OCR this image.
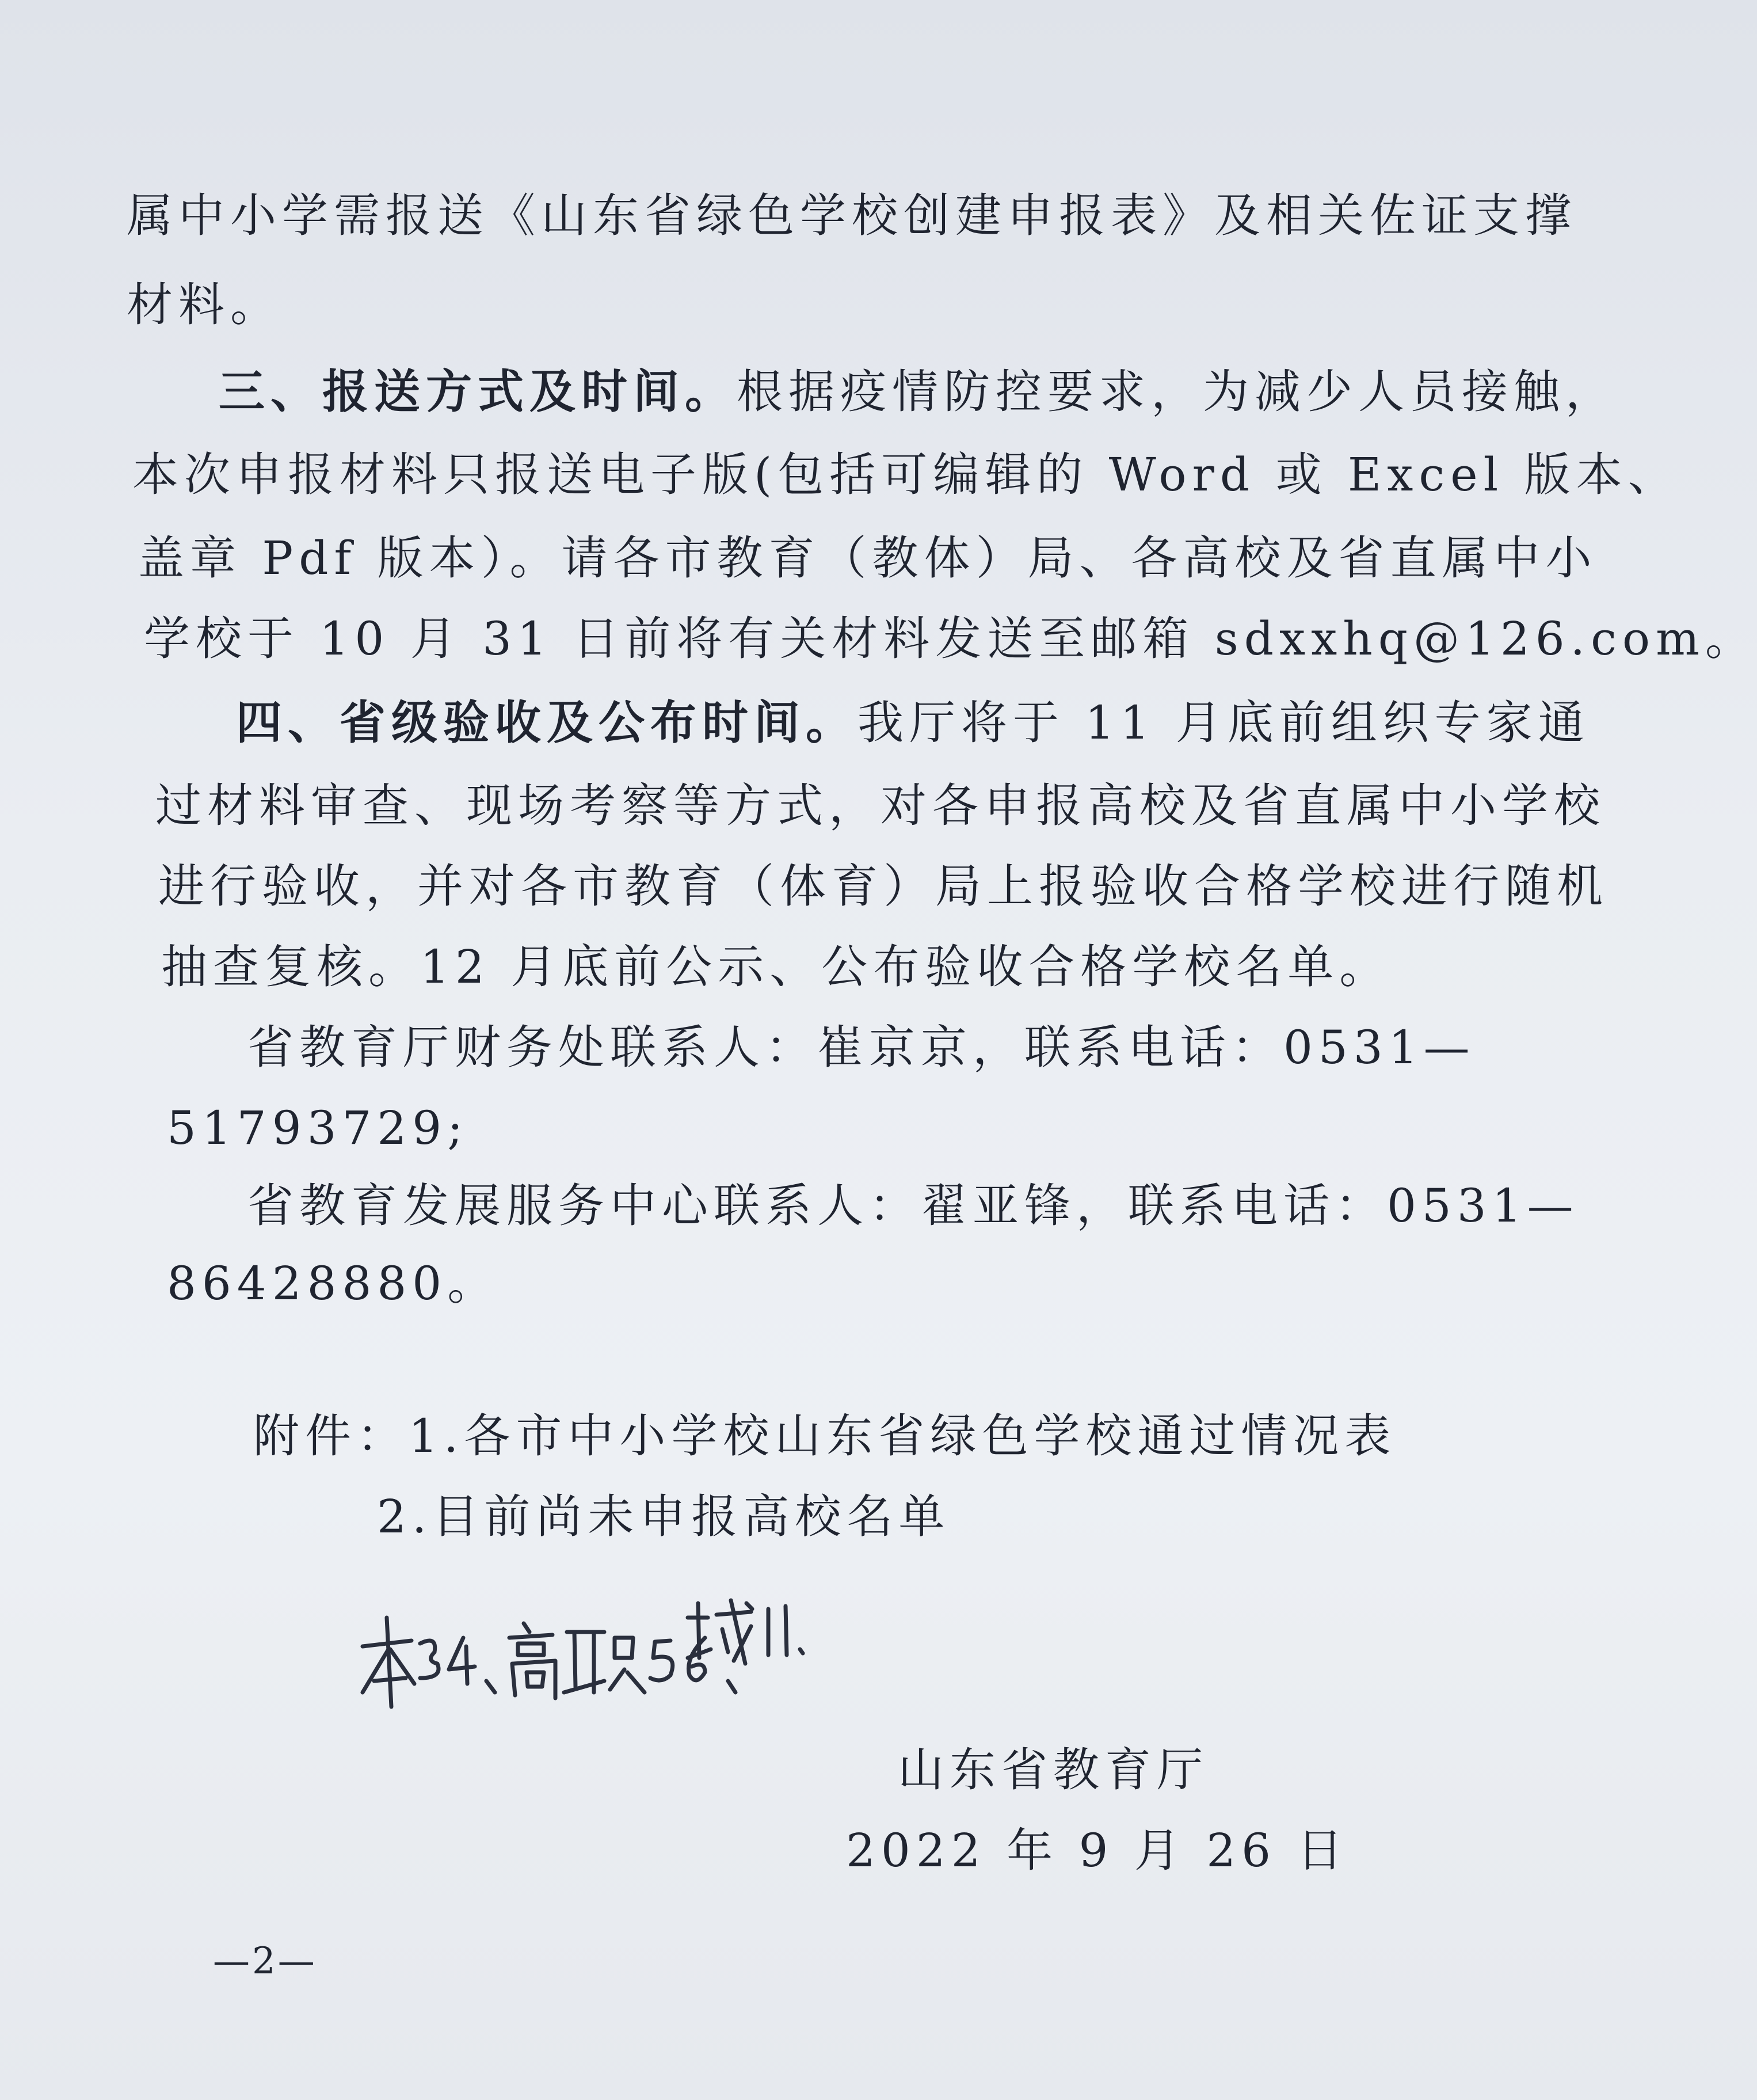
属中小学需报送《山东省绿色学校创建申报表》及相关佐证支撑
材料。
三、报送方式及时间。根据疫情防控要求，为减少人员接触，
本次申报材料只报送电子版(包括可编辑的 Word 或 Excel 版本、
盖章 Pdf 版本）。请各市教育（教体）局、各高校及省直属中小
学校于 10 月 31 日前将有关材料发送至邮箱 sdxxhq@126.com。
四、省级验收及公布时间。我厅将于 11 月底前组织专家通
过材料审查、现场考察等方式，对各申报高校及省直属中小学校
进行验收，并对各市教育（体育）局上报验收合格学校进行随机
抽查复核。12 月底前公示、公布验收合格学校名单。
省教育厅财务处联系人：崔京京，联系电话：0531—
51793729;
省教育发展服务中心联系人：翟亚锋，联系电话：0531—
86428880。
附件：1.各市中小学校山东省绿色学校通过情况表
2.目前尚未申报高校名单
山东省教育厅
2022 年 9 月 26 日
—2—
